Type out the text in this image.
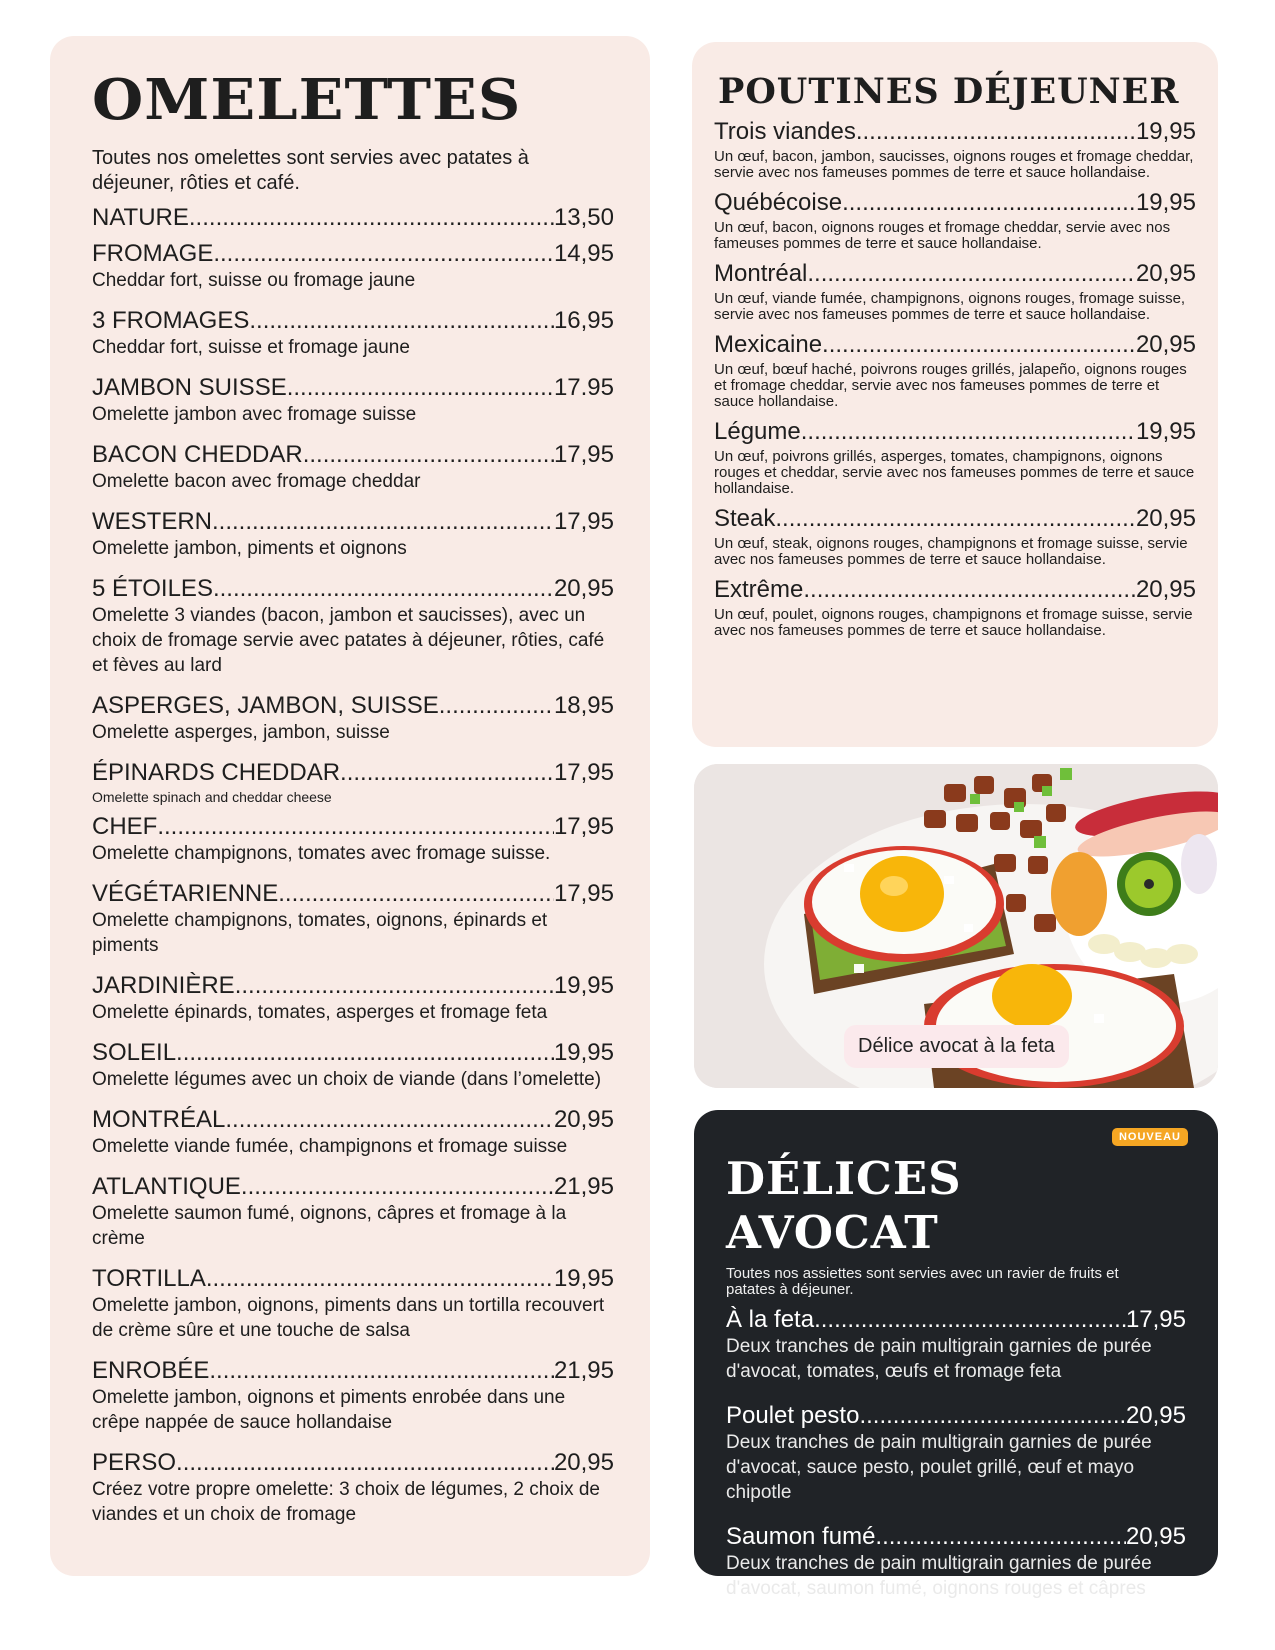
OMELETTES

Toutes nos omelettes sont servies avec patates à déjeuner, rôties et café.

NATURE .....	13,50
FROMAGE .....	14,95

Cheddar fort, suisse ou fromage jaune

3 FROMAGES .....	16,95

Cheddar fort, suisse et fromage jaune

JAMBON SUISSE .....	17.95

Omelette jambon avec fromage suisse

BACON CHEDDAR .....	17,95

Omelette bacon avec fromage cheddar

WESTERN .....	17,95

Omelette jambon, piments et oignons

5 ÉTOILES .....	20,95

Omelette 3 viandes (bacon, jambon et saucisses), avec un choix de fromage servie avec patates à déjeuner, rôties, café et fèves au lard

ASPERGES, JAMBON, SUISSE .....	18,95

Omelette asperges, jambon, suisse

ÉPINARDS CHEDDAR .....	17,95

Omelette spinach and cheddar cheese

CHEF .....	17,95

Omelette champignons, tomates avec fromage suisse.

VÉGÉTARIENNE .....	17,95

Omelette champignons, tomates, oignons, épinards et piments

JARDINIÈRE .....	19,95

Omelette épinards, tomates, asperges et fromage feta

SOLEIL .....	19,95

Omelette légumes avec un choix de viande (dans l’omelette)

MONTRÉAL .....	20,95

Omelette viande fumée, champignons et fromage suisse

ATLANTIQUE .....	21,95

Omelette saumon fumé, oignons, câpres et fromage à la crème

TORTILLA .....	19,95

Omelette jambon, oignons, piments dans un tortilla recouvert de crème sûre et une touche de salsa

ENROBÉE .....	21,95

Omelette jambon, oignons et piments enrobée dans une crêpe nappée de sauce hollandaise

PERSO .....	20,95

Créez votre propre omelette: 3 choix de légumes, 2 choix de viandes et un choix de fromage

POUTINES DÉJEUNER
Trois viandes .....	19,95

Un œuf, bacon, jambon, saucisses, oignons rouges et fromage cheddar, servie avec nos fameuses pommes de terre et sauce hollandaise.

Québécoise .....	19,95

Un œuf, bacon, oignons rouges et fromage cheddar, servie avec nos fameuses pommes de terre et sauce hollandaise.

Montréal .....	20,95

Un œuf, viande fumée, champignons, oignons rouges, fromage suisse, servie avec nos fameuses pommes de terre et sauce hollandaise.

Mexicaine .....	20,95

Un œuf, bœuf haché, poivrons rouges grillés, jalapeño, oignons rouges et fromage cheddar, servie avec nos fameuses pommes de terre et sauce hollandaise.

Légume .....	19,95

Un œuf, poivrons grillés, asperges, tomates, champignons, oignons rouges et cheddar, servie avec nos fameuses pommes de terre et sauce hollandaise.

Steak .....	20,95

Un œuf, steak, oignons rouges, champignons et fromage suisse, servie avec nos fameuses pommes de terre et sauce hollandaise.

Extrême .....	20,95

Un œuf, poulet, oignons rouges, champignons et fromage suisse, servie avec nos fameuses pommes de terre et sauce hollandaise.

Délice avocat à la feta
NOUVEAU
DÉLICES AVOCAT

Toutes nos assiettes sont servies avec un ravier de fruits et patates à déjeuner.

À la feta .....	17,95

Deux tranches de pain multigrain garnies de purée d'avocat, tomates, œufs et fromage feta

Poulet pesto .....	20,95

Deux tranches de pain multigrain garnies de purée d'avocat, sauce pesto, poulet grillé, œuf et mayo chipotle

Saumon fumé .....	20,95

Deux tranches de pain multigrain garnies de purée d'avocat, saumon fumé, oignons rouges et câpres
